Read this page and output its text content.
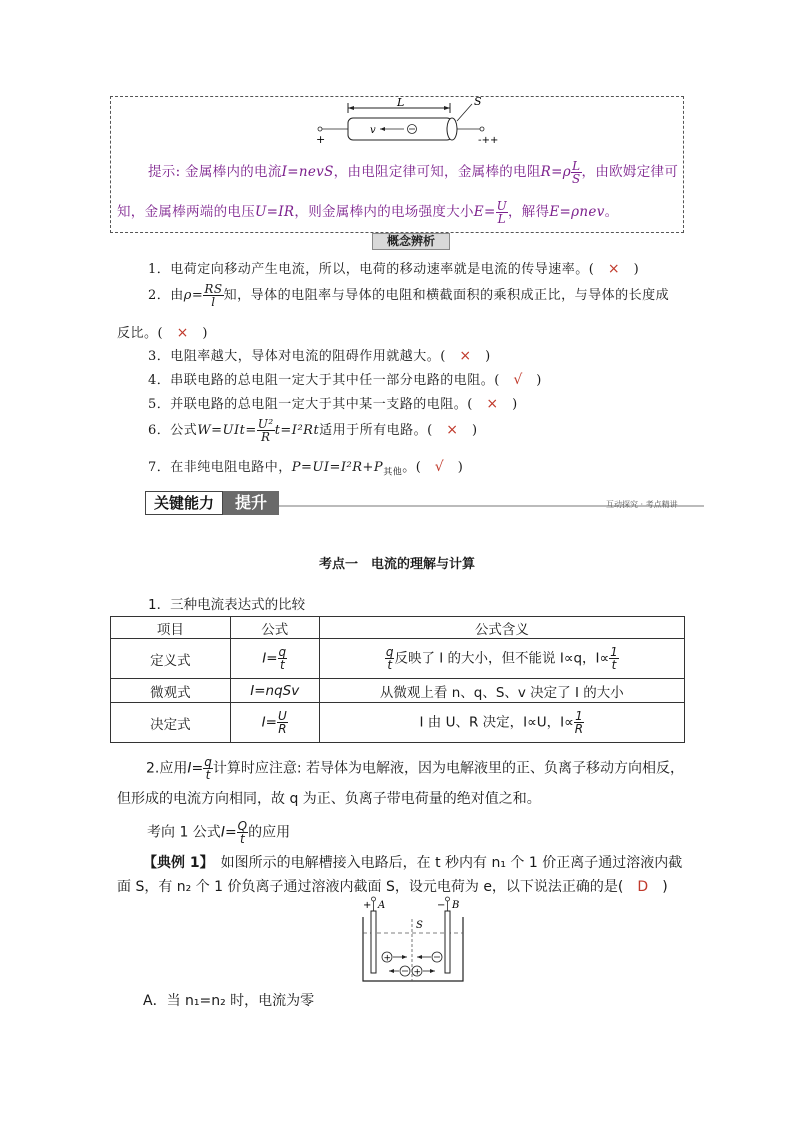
L	S
v
+	-++
提示: 金属棒内的电流I=nevS，由电阻定律可知，金属棒的电阻$R=\rho \frac{L}{S}$ ，由欧姆定律可
知，金属棒两端的电压U=IR，则金属棒内的电场强度大小$E= \frac{U}{L}$ ，解得E=ρnev。
概念辨析
1．电荷定向移动产生电流，所以，电荷的移动速率就是电流的传导速率。(　 ×　 )
2．由$\rho= \frac{RS}{l}$ 知，导体的电阻率与导体的电阻和横截面积的乘积成正比，与导体的长度成
反比。(　 ×　 )
3．电阻率越大，导体对电流的阻碍作用就越大。(　 ×　 )
4．串联电路的总电阻一定大于其中任一部分电路的电阻。(　 √　 )
5．并联电路的总电阻一定大于其中某一支路的电阻。(　 ×　 )
6．公式$W=UIt= \frac{\text{U²}}{R} t=I^2Rt$适用于所有电路。(　 ×　 )
7．在非纯电阻电路中，$P=UI=I^2R+P_{其他}$。(　 √　 )
关键能力	提升	互动探究 · 考点精讲
考点一　电流的理解与计算
1．三种电流表达式的比较
项目	公式	公式含义
定义式	$I= \frac{q}{t}$	$\frac{q}{t}$ 反映了 I 的大小，但不能说 I∝q，$I\propto \frac{1}{t}$

微观式	I=nqSv	从微观上看 n、q、S、v 决定了 I 的大小
决定式	$I= \frac{U}{R}$	I 由 U、R 决定，I∝U，$I\propto \frac{1}{R}$
2.应用$I= \frac{q}{t}$ 计算时应注意: 若导体为电解液，因为电解液里的正、负离子移动方向相反，
但形成的电流方向相同，故 q 为正、负离子带电荷量的绝对值之和。
考向 1 公式$I= \frac{Q}{t}$ 的应用
【典例 1】　 如图所示的电解槽接入电路后，在 t 秒内有 n₁ 个 1 价正离子通过溶液内截
面 S，有 n₂ 个 1 价负离子通过溶液内截面 S，设元电荷为 e，以下说法正确的是(　 D　 )
+ A	− B
S
+
+
A．当 n₁=n₂ 时，电流为零
